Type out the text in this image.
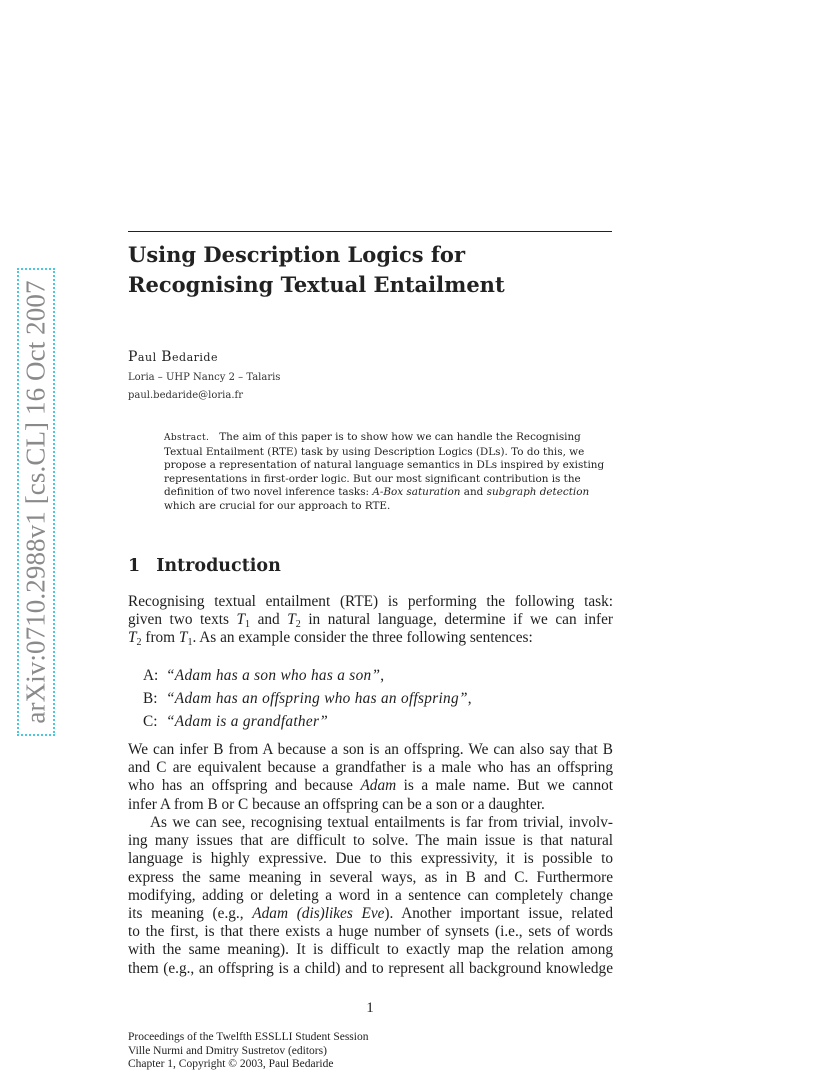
arXiv:0710.2988v1 [cs.CL] 16 Oct 2007
Using Description Logics for
Recognising Textual Entailment
Paul Bedaride
Loria – UHP Nancy 2 – Talaris
paul.bedaride@loria.fr
Abstract. The aim of this paper is to show how we can handle the Recognising
Textual Entailment (RTE) task by using Description Logics (DLs). To do this, we
propose a representation of natural language semantics in DLs inspired by existing
representations in first-order logic. But our most significant contribution is the
definition of two novel inference tasks: A-Box saturation and subgraph detection
which are crucial for our approach to RTE.
1 Introduction
Recognising textual entailment (RTE) is performing the following task:
given two texts $T_1$ and $T_2$ in natural language, determine if we can infer
$T_2$ from $T_1$. As an example consider the three following sentences:
A: “Adam has a son who has a son”,
B: “Adam has an offspring who has an offspring”,
C: “Adam is a grandfather”
We can infer B from A because a son is an offspring. We can also say that B
and C are equivalent because a grandfather is a male who has an offspring
who has an offspring and because Adam is a male name. But we cannot
infer A from B or C because an offspring can be a son or a daughter.
As we can see, recognising textual entailments is far from trivial, involv-
ing many issues that are difficult to solve. The main issue is that natural
language is highly expressive. Due to this expressivity, it is possible to
express the same meaning in several ways, as in B and C. Furthermore
modifying, adding or deleting a word in a sentence can completely change
its meaning (e.g., Adam (dis)likes Eve). Another important issue, related
to the first, is that there exists a huge number of synsets (i.e., sets of words
with the same meaning). It is difficult to exactly map the relation among
them (e.g., an offspring is a child) and to represent all background knowledge
1
Proceedings of the Twelfth ESSLLI Student Session
Ville Nurmi and Dmitry Sustretov (editors)
Chapter 1, Copyright © 2003, Paul Bedaride
